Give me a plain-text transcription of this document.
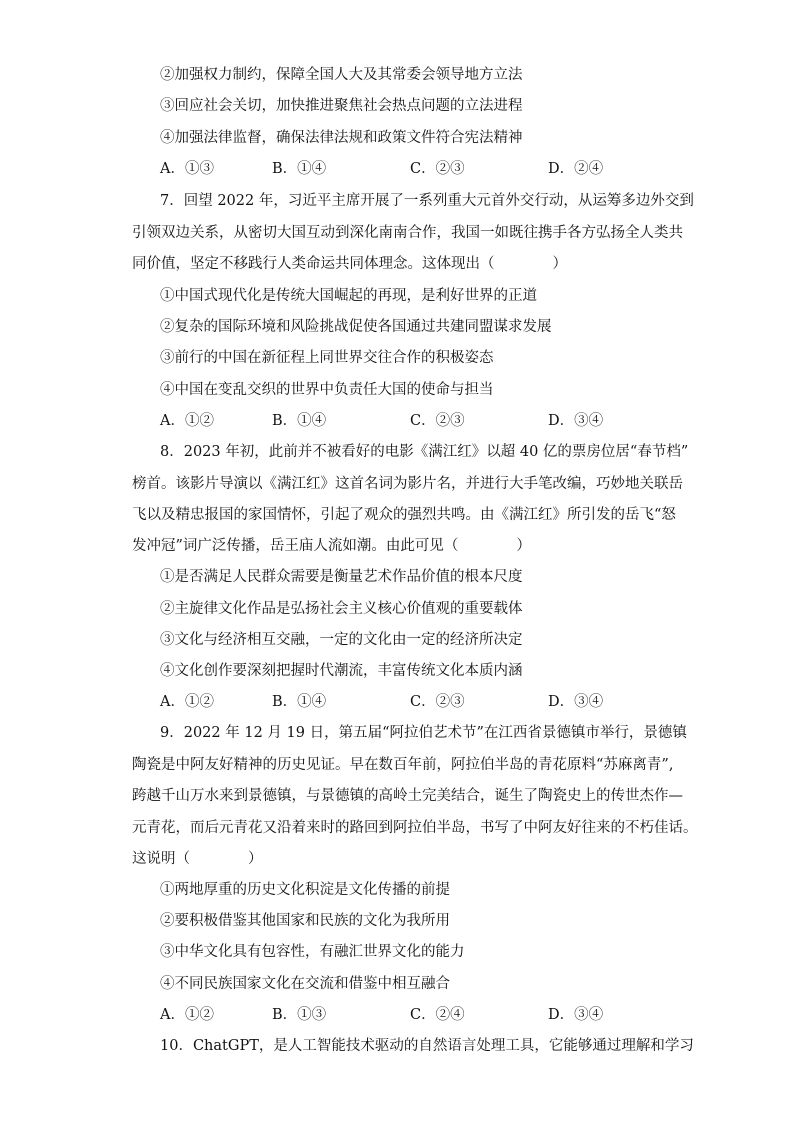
②加强权力制约，保障全国人大及其常委会领导地方立法
③回应社会关切，加快推进聚焦社会热点问题的立法进程
④加强法律监督，确保法律法规和政策文件符合宪法精神
A．①③	B．①④	C．②③	D．②④
7．回望 2022 年，习近平主席开展了一系列重大元首外交行动，从运筹多边外交到
引领双边关系，从密切大国互动到深化南南合作，我国一如既往携手各方弘扬全人类共
同价值，坚定不移践行人类命运共同体理念。这体现出（	）
①中国式现代化是传统大国崛起的再现，是利好世界的正道
②复杂的国际环境和风险挑战促使各国通过共建同盟谋求发展
③前行的中国在新征程上同世界交往合作的积极姿态
④中国在变乱交织的世界中负责任大国的使命与担当
A．①②	B．①④	C．②③	D．③④
8．2023 年初，此前并不被看好的电影《满江红》以超 40 亿的票房位居“春节档”
榜首。该影片导演以《满江红》这首名词为影片名，并进行大手笔改编，巧妙地关联岳
飞以及精忠报国的家国情怀，引起了观众的强烈共鸣。由《满江红》所引发的岳飞“怒
发冲冠”词广泛传播，岳王庙人流如潮。由此可见（	）
①是否满足人民群众需要是衡量艺术作品价值的根本尺度
②主旋律文化作品是弘扬社会主义核心价值观的重要载体
③文化与经济相互交融，一定的文化由一定的经济所决定
④文化创作要深刻把握时代潮流，丰富传统文化本质内涵
A．①②	B．①④	C．②③	D．③④
9．2022 年 12 月 19 日，第五届“阿拉伯艺术节”在江西省景德镇市举行，景德镇
陶瓷是中阿友好精神的历史见证。早在数百年前，阿拉伯半岛的青花原料“苏麻离青”,
跨越千山万水来到景德镇，与景德镇的高岭土完美结合，诞生了陶瓷史上的传世杰作—
元青花，而后元青花又沿着来时的路回到阿拉伯半岛，书写了中阿友好往来的不朽佳话。
这说明（	）
①两地厚重的历史文化积淀是文化传播的前提
②要积极借鉴其他国家和民族的文化为我所用
③中华文化具有包容性，有融汇世界文化的能力
④不同民族国家文化在交流和借鉴中相互融合
A．①②	B．①③	C．②④	D．③④
10．ChatGPT，是人工智能技术驱动的自然语言处理工具，它能够通过理解和学习
